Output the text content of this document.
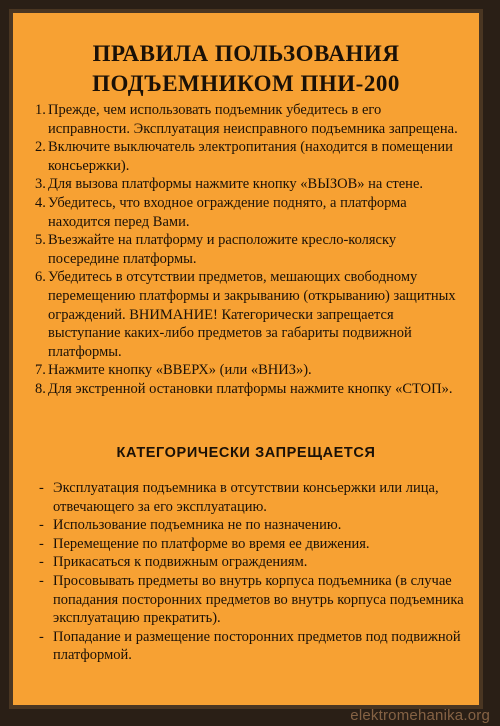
ПРАВИЛА ПОЛЬЗОВАНИЯ
ПОДЪЕМНИКОМ ПНИ-200
1. Прежде, чем использовать подъемник убедитесь в его исправности. Эксплуатация неисправного подъемника запрещена.
2. Включите выключатель электропитания (находится в помещении консьержки).
3. Для вызова платформы нажмите кнопку «ВЫЗОВ» на стене.
4. Убедитесь, что входное ограждение поднято, а платформа находится перед Вами.
5. Въезжайте на платформу и расположите кресло-коляску посередине платформы.
6. Убедитесь в отсутствии предметов, мешающих свободному перемещению платформы и закрыванию (открыванию) защитных ограждений. ВНИМАНИЕ! Категорически запрещается выступание каких-либо предметов за габариты подвижной платформы.
7. Нажмите кнопку «ВВЕРХ» (или «ВНИЗ»).
8. Для экстренной остановки платформы нажмите кнопку «СТОП».
КАТЕГОРИЧЕСКИ ЗАПРЕЩАЕТСЯ
- Эксплуатация подъемника в отсутствии консьержки или лица, отвечающего за его эксплуатацию.
- Использование подъемника не по назначению.
- Перемещение по платформе во время ее движения.
- Прикасаться к подвижным ограждениям.
- Просовывать предметы во внутрь корпуса подъемника (в случае попадания посторонних предметов во внутрь корпуса подъемника эксплуатацию прекратить).
- Попадание и размещение посторонних предметов под подвижной платформой.
elektromehanika.org
